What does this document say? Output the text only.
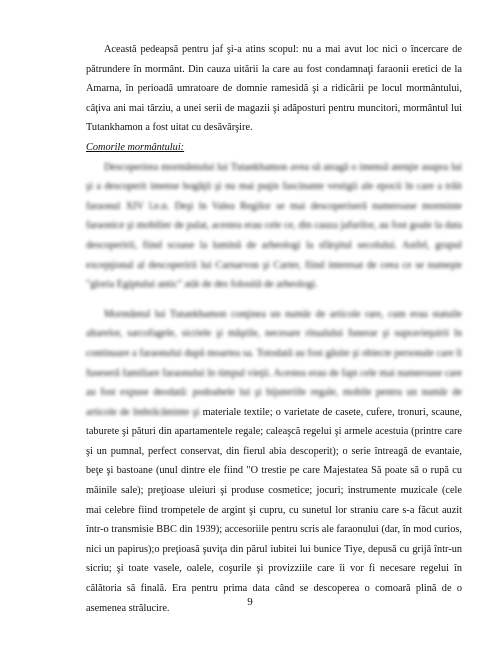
Această pedeapsă pentru jaf şi-a atins scopul: nu a mai avut loc nici o încercare de pătrundere în mormânt. Din cauza uitării la care au fost condamnaţi faraonii eretici de la Amarna, în perioadă umratoare de domnie ramesidă şi a ridicării pe locul mormântului, câţiva ani mai târziu, a unei serii de magazii şi adăposturi pentru muncitori, mormântul lui Tutankhamon a fost uitat cu desăvârşire.

Comorile mormântului:

Descoperirea mormântului lui Tutankhamon avea să atragă o imensă atenţie asupra lui şi a descoperit imense bogăţii şi nu mai puţin fascinante vestigii ale epocii în care a trăit faraonul XIV î.e.n. Deşi în Valea Regilor se mai descoperiseră numeroase morminte faraonice şi mobilier de palat, acestea erau cele ce, din cauza jafurilor, au fost goale la data descoperirii, fiind scoase la lumină de arheologi la sfârşitul secolului. Astfel, grupul excepţional al descoperirii lui Carnarvon şi Carter, fiind interesat de ceea ce se numeşte "gloria Egiptului antic" atât de des folosită de arheologi.

Mormântul lui Tutankhamon conţinea un număr de articole rare, cum erau statuile altarelor, sarcofagele, sicriele şi măştile, necesare ritualului funerar şi supravieţuirii în continuare a faraonului după moartea sa. Totodată au fost găsite şi obiecte personale care îi fuseseră familiare faraonului în timpul vieţii. Acestea erau de fapt cele mai numeroase care au fost expuse deodată: podoabele lui şi bijuteriile regale, mobile pentru un număr de articole de îmbrăcăminte şi materiale textile; o varietate de casete, cufere, tronuri, scaune, taburete şi pături din apartamentele regale; caleaşcă regelui şi armele acestuia (printre care şi un pumnal, perfect conservat, din fierul abia descoperit); o serie întreagă de evantaie, beţe şi bastoane (unul dintre ele fiind "O trestie pe care Majestatea Să poate să o rupă cu mâinile sale); preţioase uleiuri şi produse cosmetice; jocuri; instrumente muzicale (cele mai celebre fiind trompetele de argint şi cupru, cu sunetul lor straniu care s-a făcut auzit într-o transmisie BBC din 1939); accesoriile pentru scris ale faraonului (dar, în mod curios, nici un papirus);o preţioasă şuviţa din părul iubitei lui bunice Tiye, depusă cu grijă într-un sicriu; şi toate vasele, oalele, coşurile şi provizziile care îi vor fi necesare regelui în călătoria să finală. Era pentru prima data când se descoperea o comoară plină de o asemenea strălucire.

9
